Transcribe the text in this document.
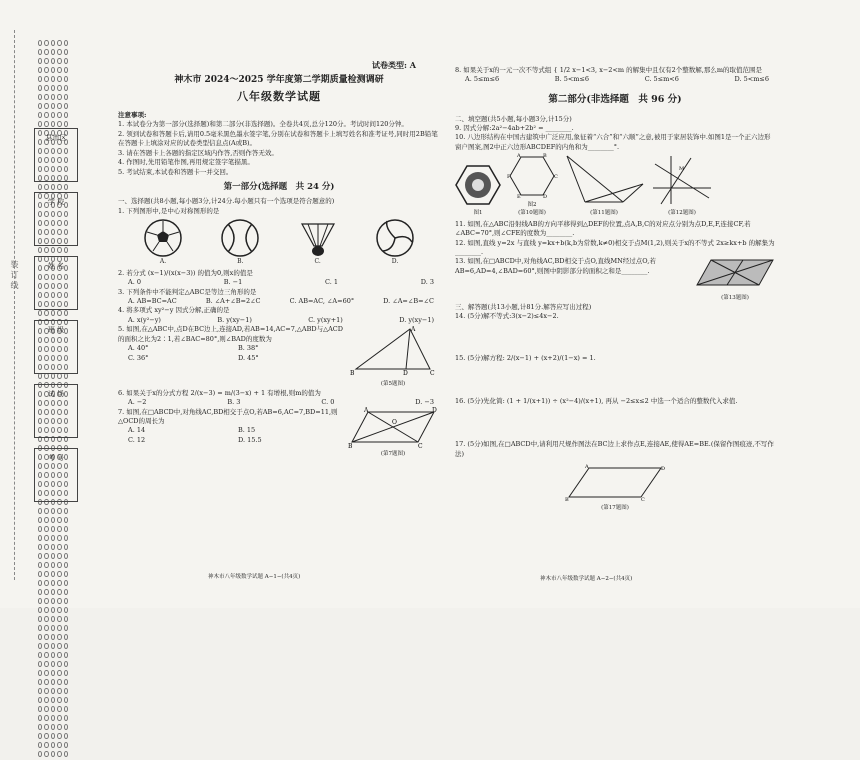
装 订 线
县市区
学 校
姓 名
班 级
试 场
考 号
试卷类型: A
神木市 2024～2025 学年度第二学期质量检测调研
八年级数学试题
注意事项:

1. 本试卷分为第一部分(选择题)和第二部分(非选择题)。全卷共4页,总分120分。考试时间120分钟。

2. 领到试卷和答题卡后,请用0.5毫米黑色墨水签字笔,分别在试卷和答题卡上填写姓名和准考证号,同时用2B铅笔在答题卡上填涂对应的试卷类型信息点(A或B)。

3. 请在答题卡上各题的指定区域内作答,否则作答无效。

4. 作图时,先用铅笔作图,再用规定签字笔描黑。

5. 考试结束,本试卷和答题卡一并交回。

第一部分(选择题　共 24 分)
一、选择题(共8小题,每小题3分,计24分.每小题只有一个选项是符合题意的)
1. 下列图形中,是中心对称图形的是
A.	B.	C.	D.
2. 若分式 (x−1)/(x(x−3)) 的值为0,则x的值是
A. 0	B. −1	C. 1	D. 3
3. 下列条件中不能判定△ABC是等边三角形的是
A. AB=BC=AC	B. ∠A+∠B=2∠C	C. AB=AC, ∠A=60°	D. ∠A=∠B=∠C
4. 将多项式 xy²−y 因式分解,正确的是
A. x(y²−y)	B. y(xy−1)	C. y(xy+1)	D. y(xy−1)
5. 如图,在△ABC中,点D在BC边上,连接AD,若AB=14,AC=7,△ABD与△ACD的面积之比为2∶1,若∠BAC=80°,则∠BAD的度数为
A. 40°	B. 38°
C. 36°	D. 45°
B	D	C
A
(第5题图)
6. 如果关于x的分式方程 2/(x−3) = m/(3−x) + 1 有增根,则m的值为
A. −2	B. 3	C. 0	D. −3
7. 如图,在□ABCD中,对角线AC,BD相交于点O,若AB=6,AC=7,BD=11,则△OCD的周长为
A. 14	B. 15
C. 12	D. 15.5
A	D
B	C
O
(第7题图)
神木市八年级数学试题 A−1−(共4页)
8. 如果关于x的一元一次不等式组 { 1/2 x−1<3, x−2<m 的解集中且仅有2个整数解,那么m的取值范围是
A. 5≤m≤6	B. 5<m≤6	C. 5≤m<6	D. 5<m≤6
第二部分(非选择题　共 96 分)
二、填空题(共5小题,每小题3分,计15分)
9. 因式分解:2a²−4ab+2b² = ________.
10. 八边形结构在中国古建筑中广泛应用,象征着“六合”和“六顺”之意,被用于家居装饰中.如图1是一个正六边形窗户图案,图2中正六边形ABCDEF的内角和为________°.
图1
A	B
C
D
E
F
图2
(第10题图)	(第11题图)
M
(第12题图)
11. 如图,在△ABC沿射线AB的方向平移得到△DEF的位置,点A,B,C的对应点分别为点D,E,F,连接CF,若∠ABC=70°,则∠CFE的度数为________.
12. 如图,直线 y=2x 与直线 y=kx+b(k,b为常数,k≠0)相交于点M(1,2),则关于x的不等式 2x≥kx+b 的解集为________.
13. 如图,在□ABCD中,对角线AC,BD相交于点O,直线MN经过点O,若AB=6,AD=4,∠BAD=60°,则图中阴影部分的面积之和是________.
(第13题图)
三、解答题(共13小题,计81分.解答应写出过程)
14. (5分)解不等式:3(x−2)≤4x−2.
15. (5分)解方程: 2/(x−1) + (x+2)/(1−x) = 1.
16. (5分)先化简: (1 + 1/(x+1)) ÷ (x²−4)/(x+1), 再从 −2≤x≤2 中选一个适合的整数代入求值.
17. (5分)如图,在□ABCD中,请利用尺规作图法在BC边上求作点E,连接AE,使得AE=BE.(保留作图痕迹,不写作法)
A	D
B	C
(第17题图)
神木市八年级数学试题 A−2−(共4页)
